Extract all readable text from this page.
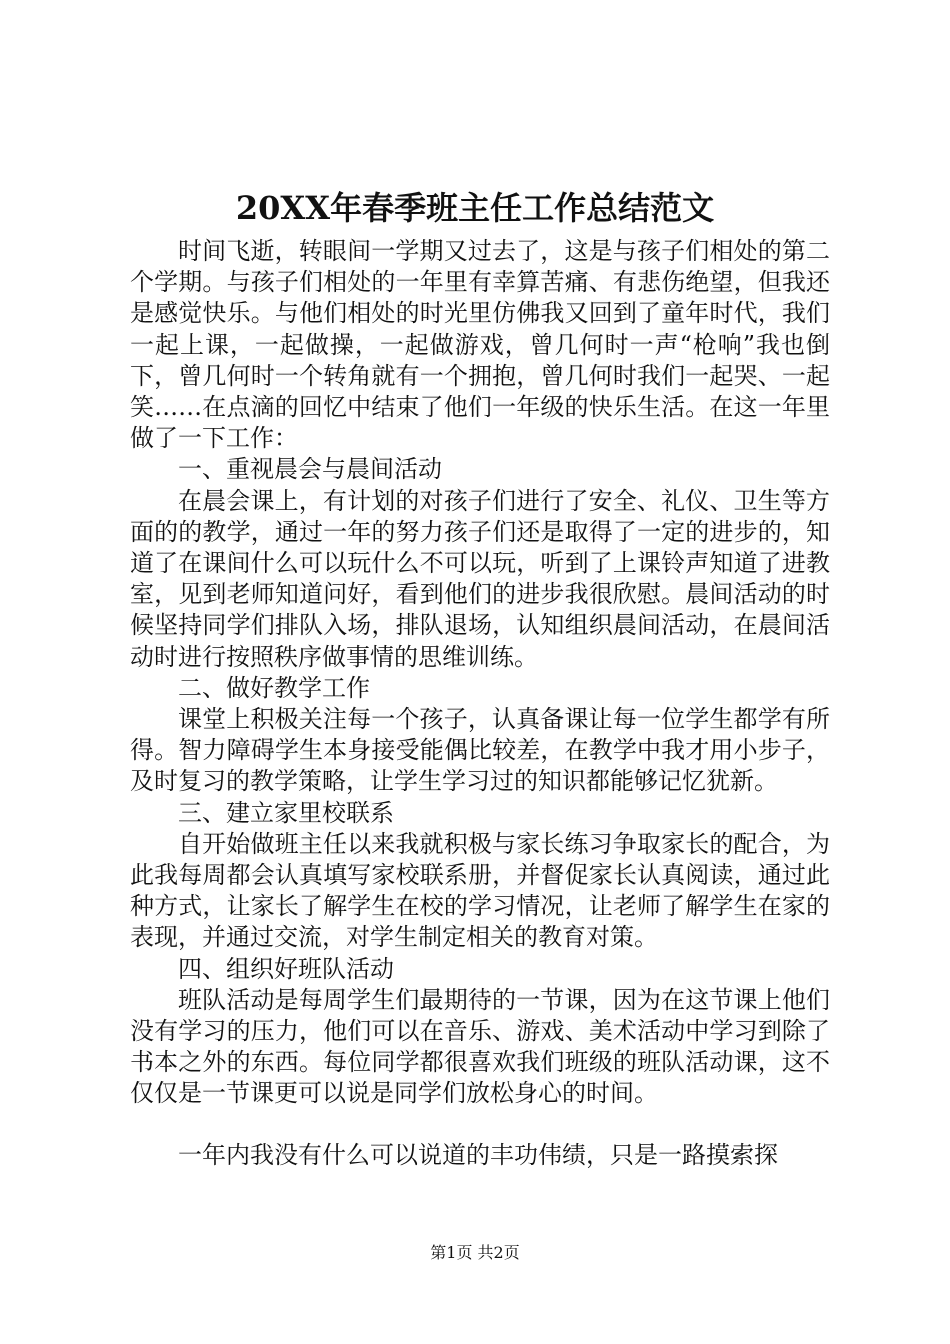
20XX年春季班主任工作总结范文

时间飞逝，转眼间一学期又过去了，这是与孩子们相处的第二个学期。与孩子们相处的一年里有幸算苦痛、有悲伤绝望，但我还是感觉快乐。与他们相处的时光里仿佛我又回到了童年时代，我们一起上课，一起做操，一起做游戏，曾几何时一声“枪响”我也倒下，曾几何时一个转角就有一个拥抱，曾几何时我们一起哭、一起笑……在点滴的回忆中结束了他们一年级的快乐生活。在这一年里做了一下工作：

一、重视晨会与晨间活动

在晨会课上，有计划的对孩子们进行了安全、礼仪、卫生等方面的的教学，通过一年的努力孩子们还是取得了一定的进步的，知道了在课间什么可以玩什么不可以玩，听到了上课铃声知道了进教室，见到老师知道问好，看到他们的进步我很欣慰。晨间活动的时候坚持同学们排队入场，排队退场，认知组织晨间活动，在晨间活动时进行按照秩序做事情的思维训练。

二、做好教学工作

课堂上积极关注每一个孩子，认真备课让每一位学生都学有所得。智力障碍学生本身接受能偶比较差，在教学中我才用小步子，及时复习的教学策略，让学生学习过的知识都能够记忆犹新。

三、建立家里校联系

自开始做班主任以来我就积极与家长练习争取家长的配合，为此我每周都会认真填写家校联系册，并督促家长认真阅读，通过此种方式，让家长了解学生在校的学习情况，让老师了解学生在家的表现，并通过交流，对学生制定相关的教育对策。

四、组织好班队活动

班队活动是每周学生们最期待的一节课，因为在这节课上他们没有学习的压力，他们可以在音乐、游戏、美术活动中学习到除了书本之外的东西。每位同学都很喜欢我们班级的班队活动课，这不仅仅是一节课更可以说是同学们放松身心的时间。

一年内我没有什么可以说道的丰功伟绩，只是一路摸索探

第1页 共2页
